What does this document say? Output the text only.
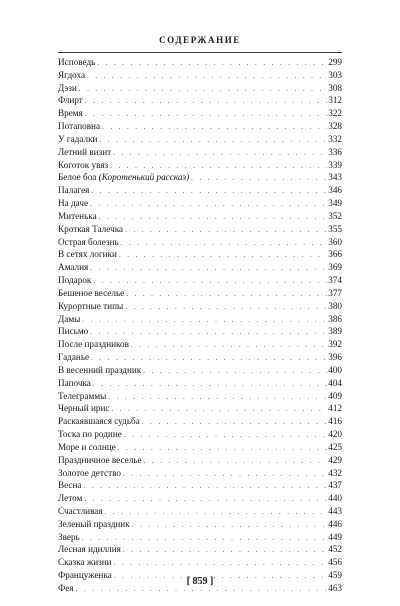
СОДЕРЖАНИЕ
Исповедь . . .	299
Ягдоха . . .	303
Дэзи . . .	308
Флирт . . .	312
Время . . .	322
Потаповна . . .	328
У гадалки . . .	332
Летний визит . . .	336
Коготок увяз . . .	339
Белое боа (Коротенький рассказ) . . .	343
Палагея . . .	346
На даче . . .	349
Митенька . . .	352
Кроткая Талечка . . .	355
Острая болезнь . . .	360
В сетях логики . . .	366
Амалия . . .	369
Подарок . . .	374
Бешеное веселье . . .	377
Курортные типы . . .	380
Дамы . . .	386
Письмо . . .	389
После праздников . . .	392
Гаданье . . .	396
В весенний праздник . . .	400
Папочка . . .	404
Телеграммы . . .	409
Черный ирис . . .	412
Раскаявшаяся судьба . . .	416
Тоска по родине . . .	420
Море и солнце . . .	425
Праздничное веселье . . .	429
Золотое детство . . .	432
Весна . . .	437
Летом . . .	440
Счастливая . . .	443
Зеленый праздник . . .	446
Зверь . . .	449
Лесная идиллия . . .	452
Сказка жизни . . .	456
Француженка . . .	459
Фея . . .	463
[ 859 ]
